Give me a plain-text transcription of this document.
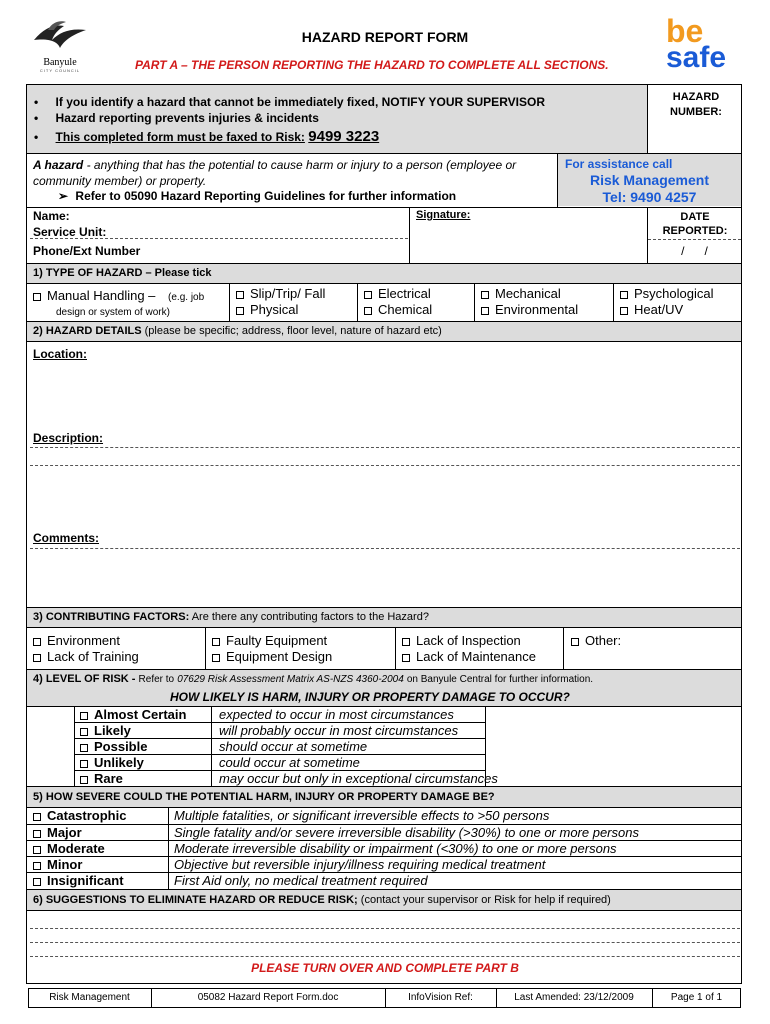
Banyule
CITY COUNCIL
HAZARD REPORT FORM
PART A – THE PERSON REPORTING THE HAZARD TO COMPLETE ALL SECTIONS.
be
safe
• If you identify a hazard that cannot be immediately fixed, NOTIFY YOUR SUPERVISOR
• Hazard reporting prevents injuries & incidents
• This completed form must be faxed to Risk: 9499 3223
HAZARD NUMBER:
A hazard - anything that has the potential to cause harm or injury to a person (employee or community member) or property.
➢ Refer to 05090 Hazard Reporting Guidelines for further information
For assistance call
Risk Management
Tel: 9490 4257
Name:
Service Unit:
Phone/Ext Number
Signature:	DATE REPORTED:
/      /
1) TYPE OF HAZARD – Please tick
Manual Handling –	(e.g. job design or system of work)
Slip/Trip/ Fall
Physical
Electrical
Chemical
Mechanical
Environmental
Psychological
Heat/UV
2) HAZARD DETAILS (please be specific; address, floor level, nature of hazard etc)
Location:
Description:
Comments:
3) CONTRIBUTING FACTORS: Are there any contributing factors to the Hazard?
Environment
Lack of Training
Faulty Equipment
Equipment Design
Lack of Inspection
Lack of Maintenance
Other:
4) LEVEL OF RISK - Refer to 07629 Risk Assessment Matrix AS-NZS 4360-2004 on Banyule Central for further information.
HOW LIKELY IS HARM, INJURY OR PROPERTY DAMAGE TO OCCUR?
Almost Certain	expected to occur in most circumstances
Likely	will probably occur in most circumstances
Possible	should occur at sometime
Unlikely	could occur at sometime
Rare	may occur but only in exceptional circumstances
5) HOW SEVERE COULD THE POTENTIAL HARM, INJURY OR PROPERTY DAMAGE BE?
Catastrophic	Multiple fatalities, or significant irreversible effects to >50 persons
Major	Single fatality and/or severe irreversible disability (>30%) to one or more persons
Moderate	Moderate irreversible disability or impairment (<30%) to one or more persons
Minor	Objective but reversible injury/illness requiring medical treatment
Insignificant	First Aid only, no medical treatment required
6) SUGGESTIONS TO ELIMINATE HAZARD OR REDUCE RISK; (contact your supervisor or Risk for help if required)
PLEASE TURN OVER AND COMPLETE PART B
Risk Management	05082 Hazard Report Form.doc	InfoVision Ref:	Last Amended: 23/12/2009	Page 1 of 1
